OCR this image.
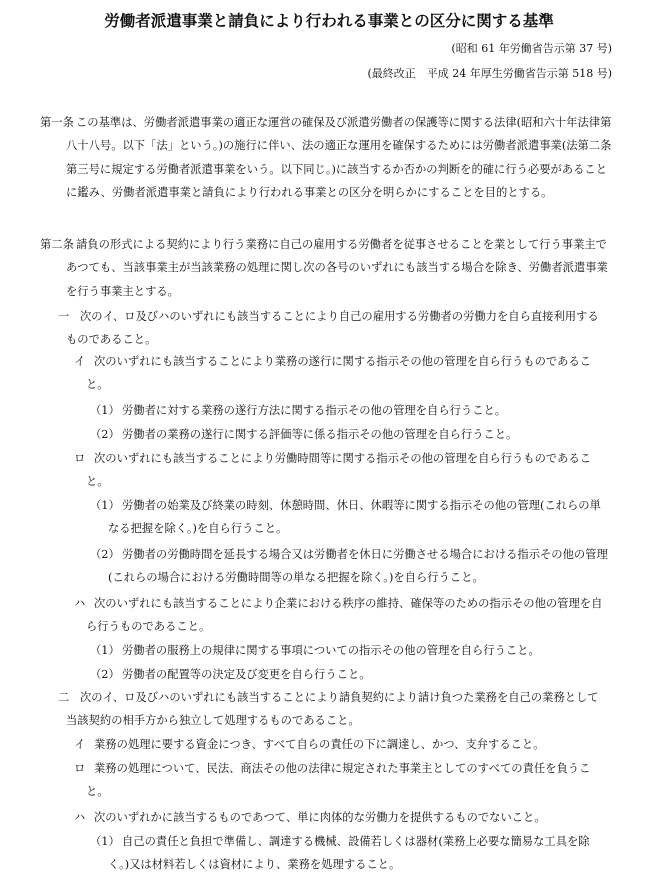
労働者派遣事業と請負により行われる事業との区分に関する基準
(昭和 61 年労働省告示第 37 号)
(最終改正　平成 24 年厚生労働省告示第 518 号)
第一条 この基準は、労働者派遣事業の適正な運営の確保及び派遣労働者の保護等に関する法律(昭和六十年法律第八十八号。以下「法」という。)の施行に伴い、法の適正な運用を確保するためには労働者派遣事業(法第二条第三号に規定する労働者派遣事業をいう。以下同じ。)に該当するか否かの判断を的確に行う必要があることに鑑み、労働者派遣事業と請負により行われる事業との区分を明らかにすることを目的とする。
第二条 請負の形式による契約により行う業務に自己の雇用する労働者を従事させることを業として行う事業主であつても、当該事業主が当該業務の処理に関し次の各号のいずれにも該当する場合を除き、労働者派遣事業を行う事業主とする。
一 次のイ、ロ及びハのいずれにも該当することにより自己の雇用する労働者の労働力を自ら直接利用するものであること。
イ 次のいずれにも該当することにより業務の遂行に関する指示その他の管理を自ら行うものであること。
（1） 労働者に対する業務の遂行方法に関する指示その他の管理を自ら行うこと。
（2） 労働者の業務の遂行に関する評価等に係る指示その他の管理を自ら行うこと。
ロ 次のいずれにも該当することにより労働時間等に関する指示その他の管理を自ら行うものであること。
（1） 労働者の始業及び終業の時刻、休憩時間、休日、休暇等に関する指示その他の管理(これらの単なる把握を除く。)を自ら行うこと。
（2） 労働者の労働時間を延長する場合又は労働者を休日に労働させる場合における指示その他の管理(これらの場合における労働時間等の単なる把握を除く。)を自ら行うこと。
ハ 次のいずれにも該当することにより企業における秩序の維持、確保等のための指示その他の管理を自ら行うものであること。
（1） 労働者の服務上の規律に関する事項についての指示その他の管理を自ら行うこと。
（2） 労働者の配置等の決定及び変更を自ら行うこと。
二 次のイ、ロ及びハのいずれにも該当することにより請負契約により請け負つた業務を自己の業務として当該契約の相手方から独立して処理するものであること。
イ 業務の処理に要する資金につき、すべて自らの責任の下に調達し、かつ、支弁すること。
ロ 業務の処理について、民法、商法その他の法律に規定された事業主としてのすべての責任を負うこと。
ハ 次のいずれかに該当するものであつて、単に肉体的な労働力を提供するものでないこと。
（1） 自己の責任と負担で準備し、調達する機械、設備若しくは器材(業務上必要な簡易な工具を除く。)又は材料若しくは資材により、業務を処理すること。
